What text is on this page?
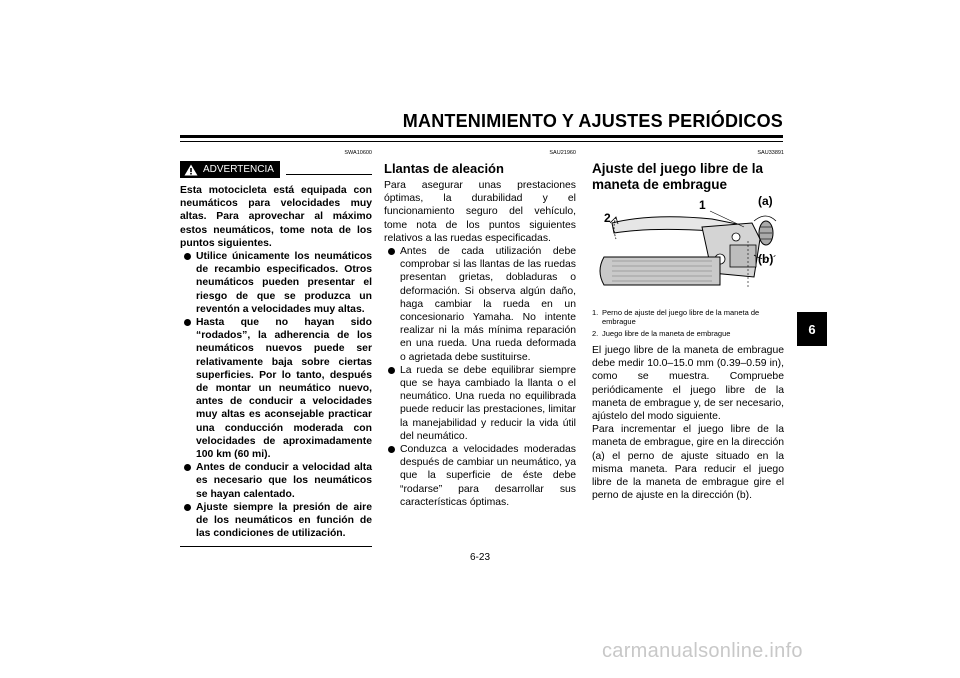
MANTENIMIENTO Y AJUSTES PERIÓDICOS
SWA10600
ADVERTENCIA

Esta motocicleta está equipada con neumáticos para velocidades muy altas. Para aprovechar al máximo estos neumáticos, tome nota de los puntos siguientes.

Utilice únicamente los neumáticos de recambio especificados. Otros neumáticos pueden presentar el riesgo de que se produzca un reventón a velocidades muy altas.
Hasta que no hayan sido “rodados”, la adherencia de los neumáticos nuevos puede ser relativamente baja sobre ciertas superficies. Por lo tanto, después de montar un neumático nuevo, antes de conducir a velocidades muy altas es aconsejable practicar una conducción moderada con velocidades de aproximadamente 100 km (60 mi).
Antes de conducir a velocidad alta es necesario que los neumáticos se hayan calentado.
Ajuste siempre la presión de aire de los neumáticos en función de las condiciones de utilización.
SAU21960
Llantas de aleación

Para asegurar unas prestaciones óptimas, la durabilidad y el funcionamiento seguro del vehículo, tome nota de los puntos siguientes relativos a las ruedas especificadas.

Antes de cada utilización debe comprobar si las llantas de las ruedas presentan grietas, dobladuras o deformación. Si observa algún daño, haga cambiar la rueda en un concesionario Yamaha. No intente realizar ni la más mínima reparación en una rueda. Una rueda deformada o agrietada debe sustituirse.
La rueda se debe equilibrar siempre que se haya cambiado la llanta o el neumático. Una rueda no equilibrada puede reducir las prestaciones, limitar la manejabilidad y reducir la vida útil del neumático.
Conduzca a velocidades moderadas después de cambiar un neumático, ya que la superficie de éste debe “rodarse” para desarrollar sus características óptimas.
SAU33891
Ajuste del juego libre de la maneta de embrague
1
2
(a)
(b)
1. Perno de ajuste del juego libre de la maneta de embrague
2. Juego libre de la maneta de embrague

El juego libre de la maneta de embrague debe medir 10.0–15.0 mm (0.39–0.59 in), como se muestra. Compruebe periódicamente el juego libre de la maneta de embrague y, de ser necesario, ajústelo del modo siguiente.

Para incrementar el juego libre de la maneta de embrague, gire en la dirección (a) el perno de ajuste situado en la misma maneta. Para reducir el juego libre de la maneta de embrague gire el perno de ajuste en la dirección (b).

6
6-23
carmanualsonline.info
